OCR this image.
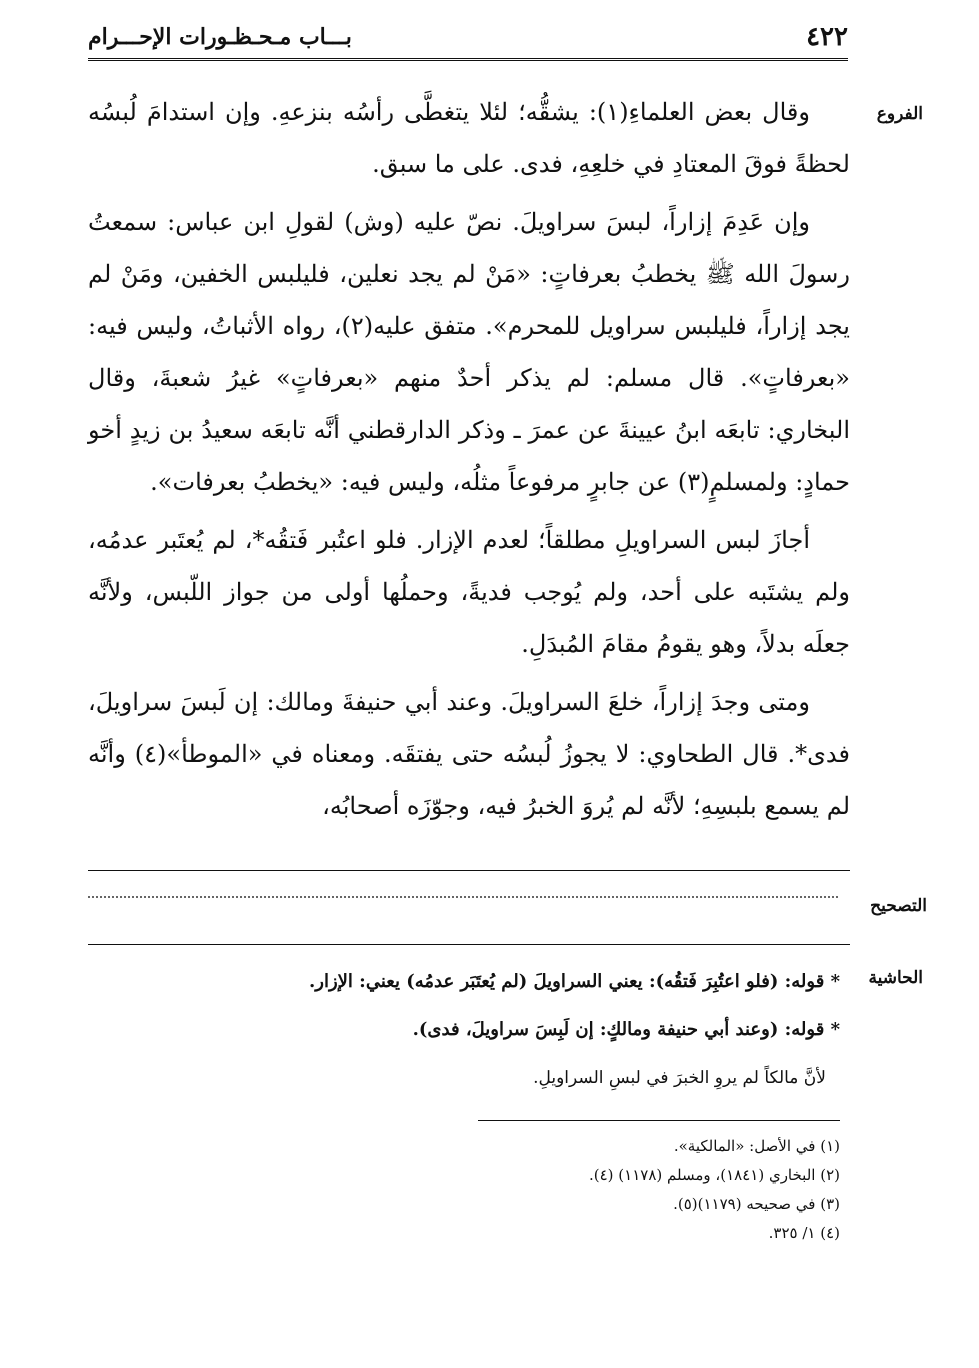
٤٢٢
بـــاب مـحـظـورات الإحـــرام
الفروع

وقال بعض العلماءِ(١): يشقُّه؛ لئلا يتغطَّى رأسُه بنزعهِ. وإن استدامَ لُبسُه لحظةً فوقَ المعتادِ في خلعِهِ، فدى. على ما سبق.

وإن عَدِمَ إزاراً، لبسَ سراويلَ. نصّ عليه (وش) لقولِ ابن عباس: سمعتُ رسولَ الله ﷺ يخطبُ بعرفاتٍ: «مَنْ لم يجد نعلين، فليلبس الخفين، ومَنْ لم يجد إزاراً، فليلبس سراويل للمحرم». متفق عليه(٢)، رواه الأثباتُ، وليس فيه: «بعرفاتٍ». قال مسلم: لم يذكر أحدٌ منهم «بعرفاتٍ» غيرُ شعبةَ، وقال البخاري: تابعَه ابنُ عيينةَ عن عمرَ ـ وذكر الدارقطني أنَّه تابعَه سعيدُ بن زيدٍ أخو حمادٍ: ولمسلمٍ(٣) عن جابرٍ مرفوعاً مثلُه، وليس فيه: «يخطبُ بعرفات».

أجازَ لبس السراويلِ مطلقاً؛ لعدم الإزار. فلو اعتُبر فَتقُه*، لم يُعتَبر عدمُه، ولم يشتَبه على أحد، ولم يُوجب فديةً، وحملُها أولى من جواز اللّبس، ولأنَّه جعلَه بدلاً، وهو يقومُ مقامَ المُبدَلِ.

ومتى وجدَ إزاراً، خلعَ السراويلَ. وعند أبي حنيفةَ ومالك: إن لَبسَ سراويلَ، فدى*. قال الطحاوي: لا يجوزُ لُبسُه حتى يفتقَه. ومعناه في «الموطأ»(٤) وأنَّه لم يسمع بلبسِهِ؛ لأنَّه لم يُروَ الخبرُ فيه، وجوّزَه أصحابُه،

التصحيح
الحاشية

* قوله: (فلو اعتُبِرَ فَتقُه): يعني السراويلَ (لم يُعتَبَر عدمُه) يعني: الإزار.

* قوله: (وعند أبي حنيفة ومالكٍ: إن لَبِسَ سراويلَ، فدى).

لأنَّ مالكاً لم يروِ الخبرَ في لبسِ السراويلِ.

(١) في الأصل: «المالكية».
(٢) البخاري (١٨٤١)، ومسلم (١١٧٨) (٤).
(٣) في صحيحه (١١٧٩)(٥).
(٤) ١/ ٣٢٥.
